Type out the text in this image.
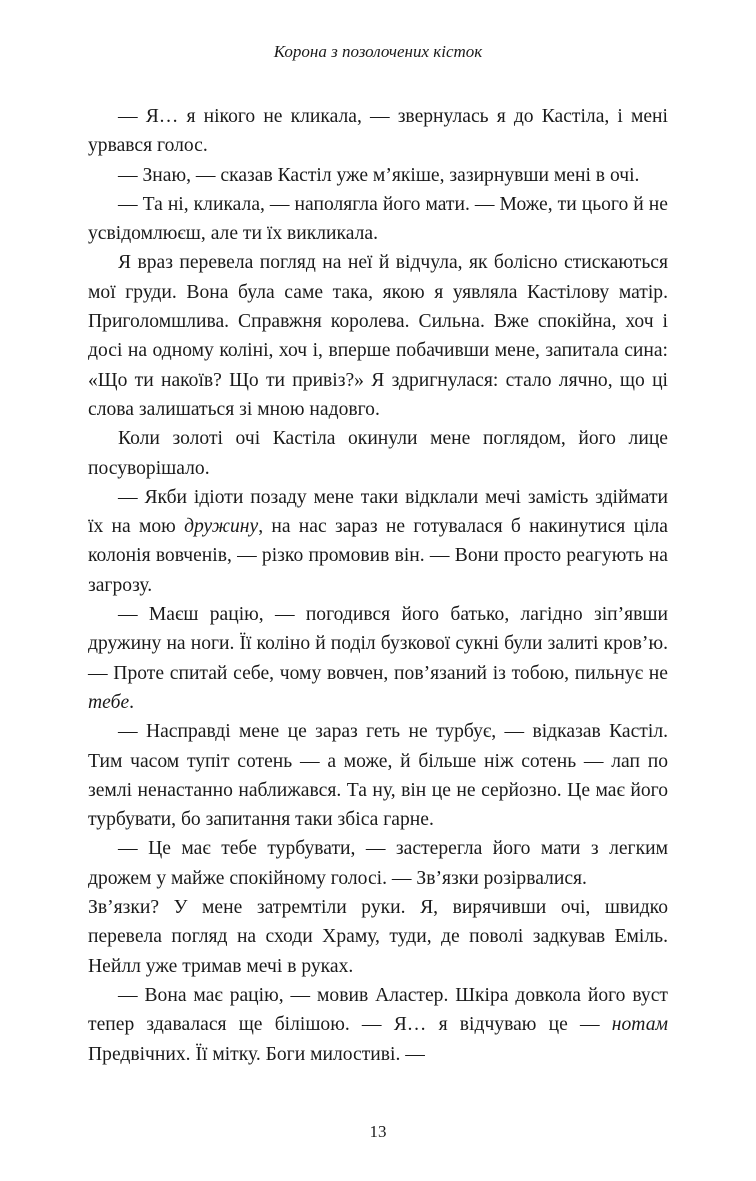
Корона з позолочених кісток

— Я… я нікого не кликала, — звернулась я до Кастіла, і мені урвався голос.

— Знаю, — сказав Кастіл уже м’якіше, зазирнувши мені в очі.

— Та ні, кликала, — наполягла його мати. — Може, ти цього й не усвідомлюєш, але ти їх викликала.

Я враз перевела погляд на неї й відчула, як болісно стискаються мої груди. Вона була саме така, якою я уявляла Кастілову матір. Приголомшлива. Справжня королева. Сильна. Вже спокійна, хоч і досі на одному коліні, хоч і, вперше побачивши мене, запитала сина: «Що ти накоїв? Що ти привіз?» Я здригнулася: стало лячно, що ці слова залишаться зі мною надовго.

Коли золоті очі Кастіла окинули мене поглядом, його лице посуворішало.

— Якби ідіоти позаду мене таки відклали мечі замість здіймати їх на мою дружину, на нас зараз не готувалася б накинутися ціла колонія вовченів, — різко промовив він. — Вони просто реагують на загрозу.

— Маєш рацію, — погодився його батько, лагідно зіп’явши дружину на ноги. Її коліно й поділ бузкової сукні були залиті кров’ю. — Проте спитай себе, чому вовчен, пов’язаний із тобою, пильнує не тебе.

— Насправді мене це зараз геть не турбує, — відказав Кастіл. Тим часом тупіт сотень — а може, й більше ніж сотень — лап по землі ненастанно наближався. Та ну, він це не серйозно. Це має його турбувати, бо запитання таки збіса гарне.

— Це має тебе турбувати, — застерегла його мати з легким дрожем у майже спокійному голосі. — Зв’язки розірвалися.

Зв’язки? У мене затремтіли руки. Я, вирячивши очі, швидко перевела погляд на сходи Храму, туди, де поволі задкував Еміль. Нейлл уже тримав мечі в руках.

— Вона має рацію, — мовив Аластер. Шкіра довкола його вуст тепер здавалася ще білішою. — Я… я відчуваю це — нотам Предвічних. Її мітку. Боги милостиві. —

13
